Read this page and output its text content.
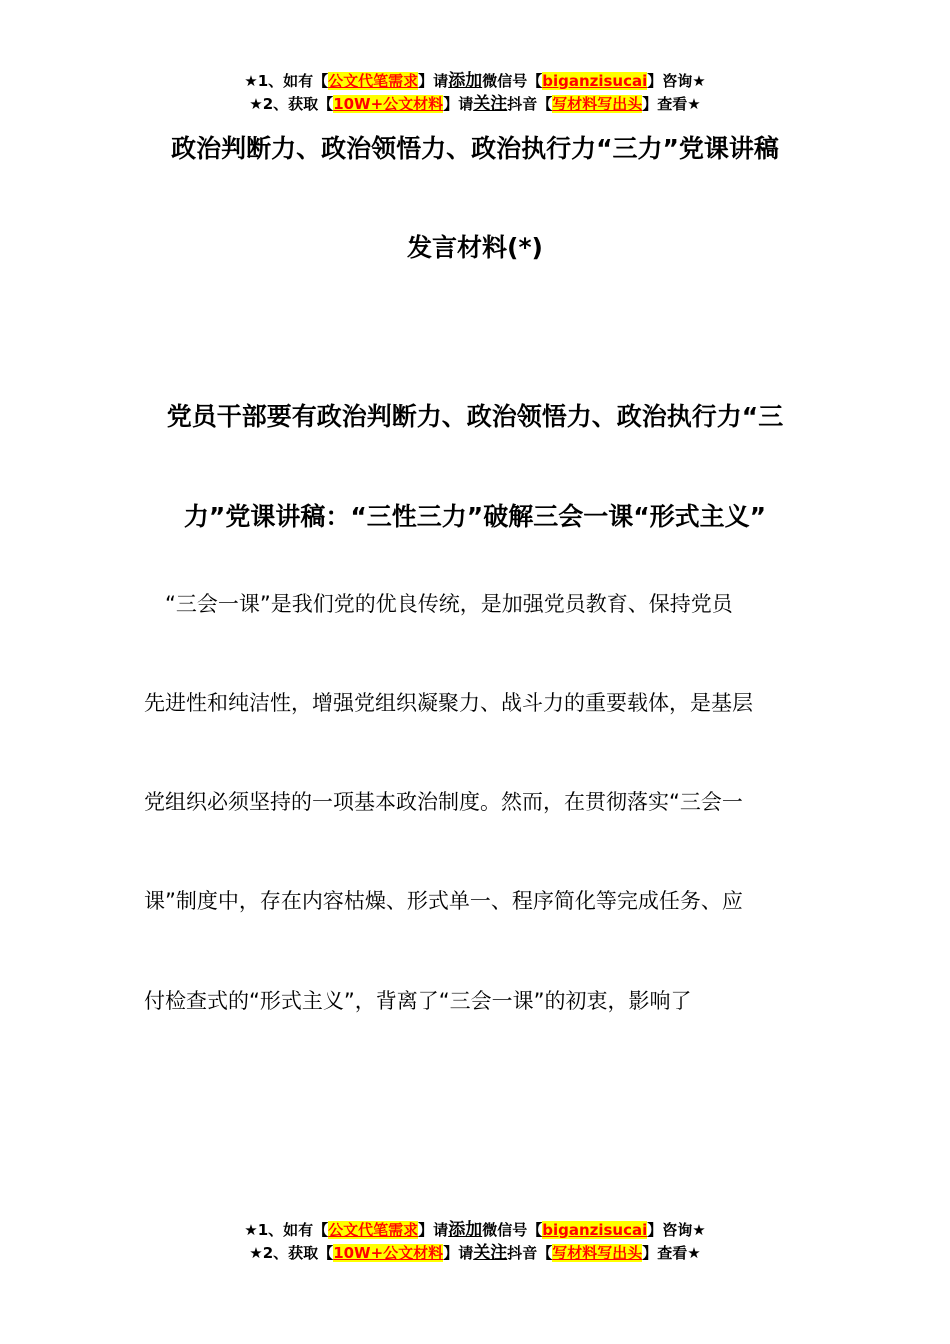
★1、如有【公文代笔需求】请添加微信号【biganzisucai】咨询★
★2、获取【10W+公文材料】请关注抖音【写材料写出头】查看★
政治判断力、政治领悟力、政治执行力“三力”党课讲稿
发言材料(*)
党员干部要有政治判断力、政治领悟力、政治执行力“三
力”党课讲稿：“三性三力”破解三会一课“形式主义”
　“三会一课”是我们党的优良传统，是加强党员教育、保持党员
先进性和纯洁性，增强党组织凝聚力、战斗力的重要载体，是基层
党组织必须坚持的一项基本政治制度。然而，在贯彻落实“三会一
课”制度中，存在内容枯燥、形式单一、程序简化等完成任务、应
付检查式的“形式主义”，背离了“三会一课”的初衷，影响了
★1、如有【公文代笔需求】请添加微信号【biganzisucai】咨询★
★2、获取【10W+公文材料】请关注抖音【写材料写出头】查看★
